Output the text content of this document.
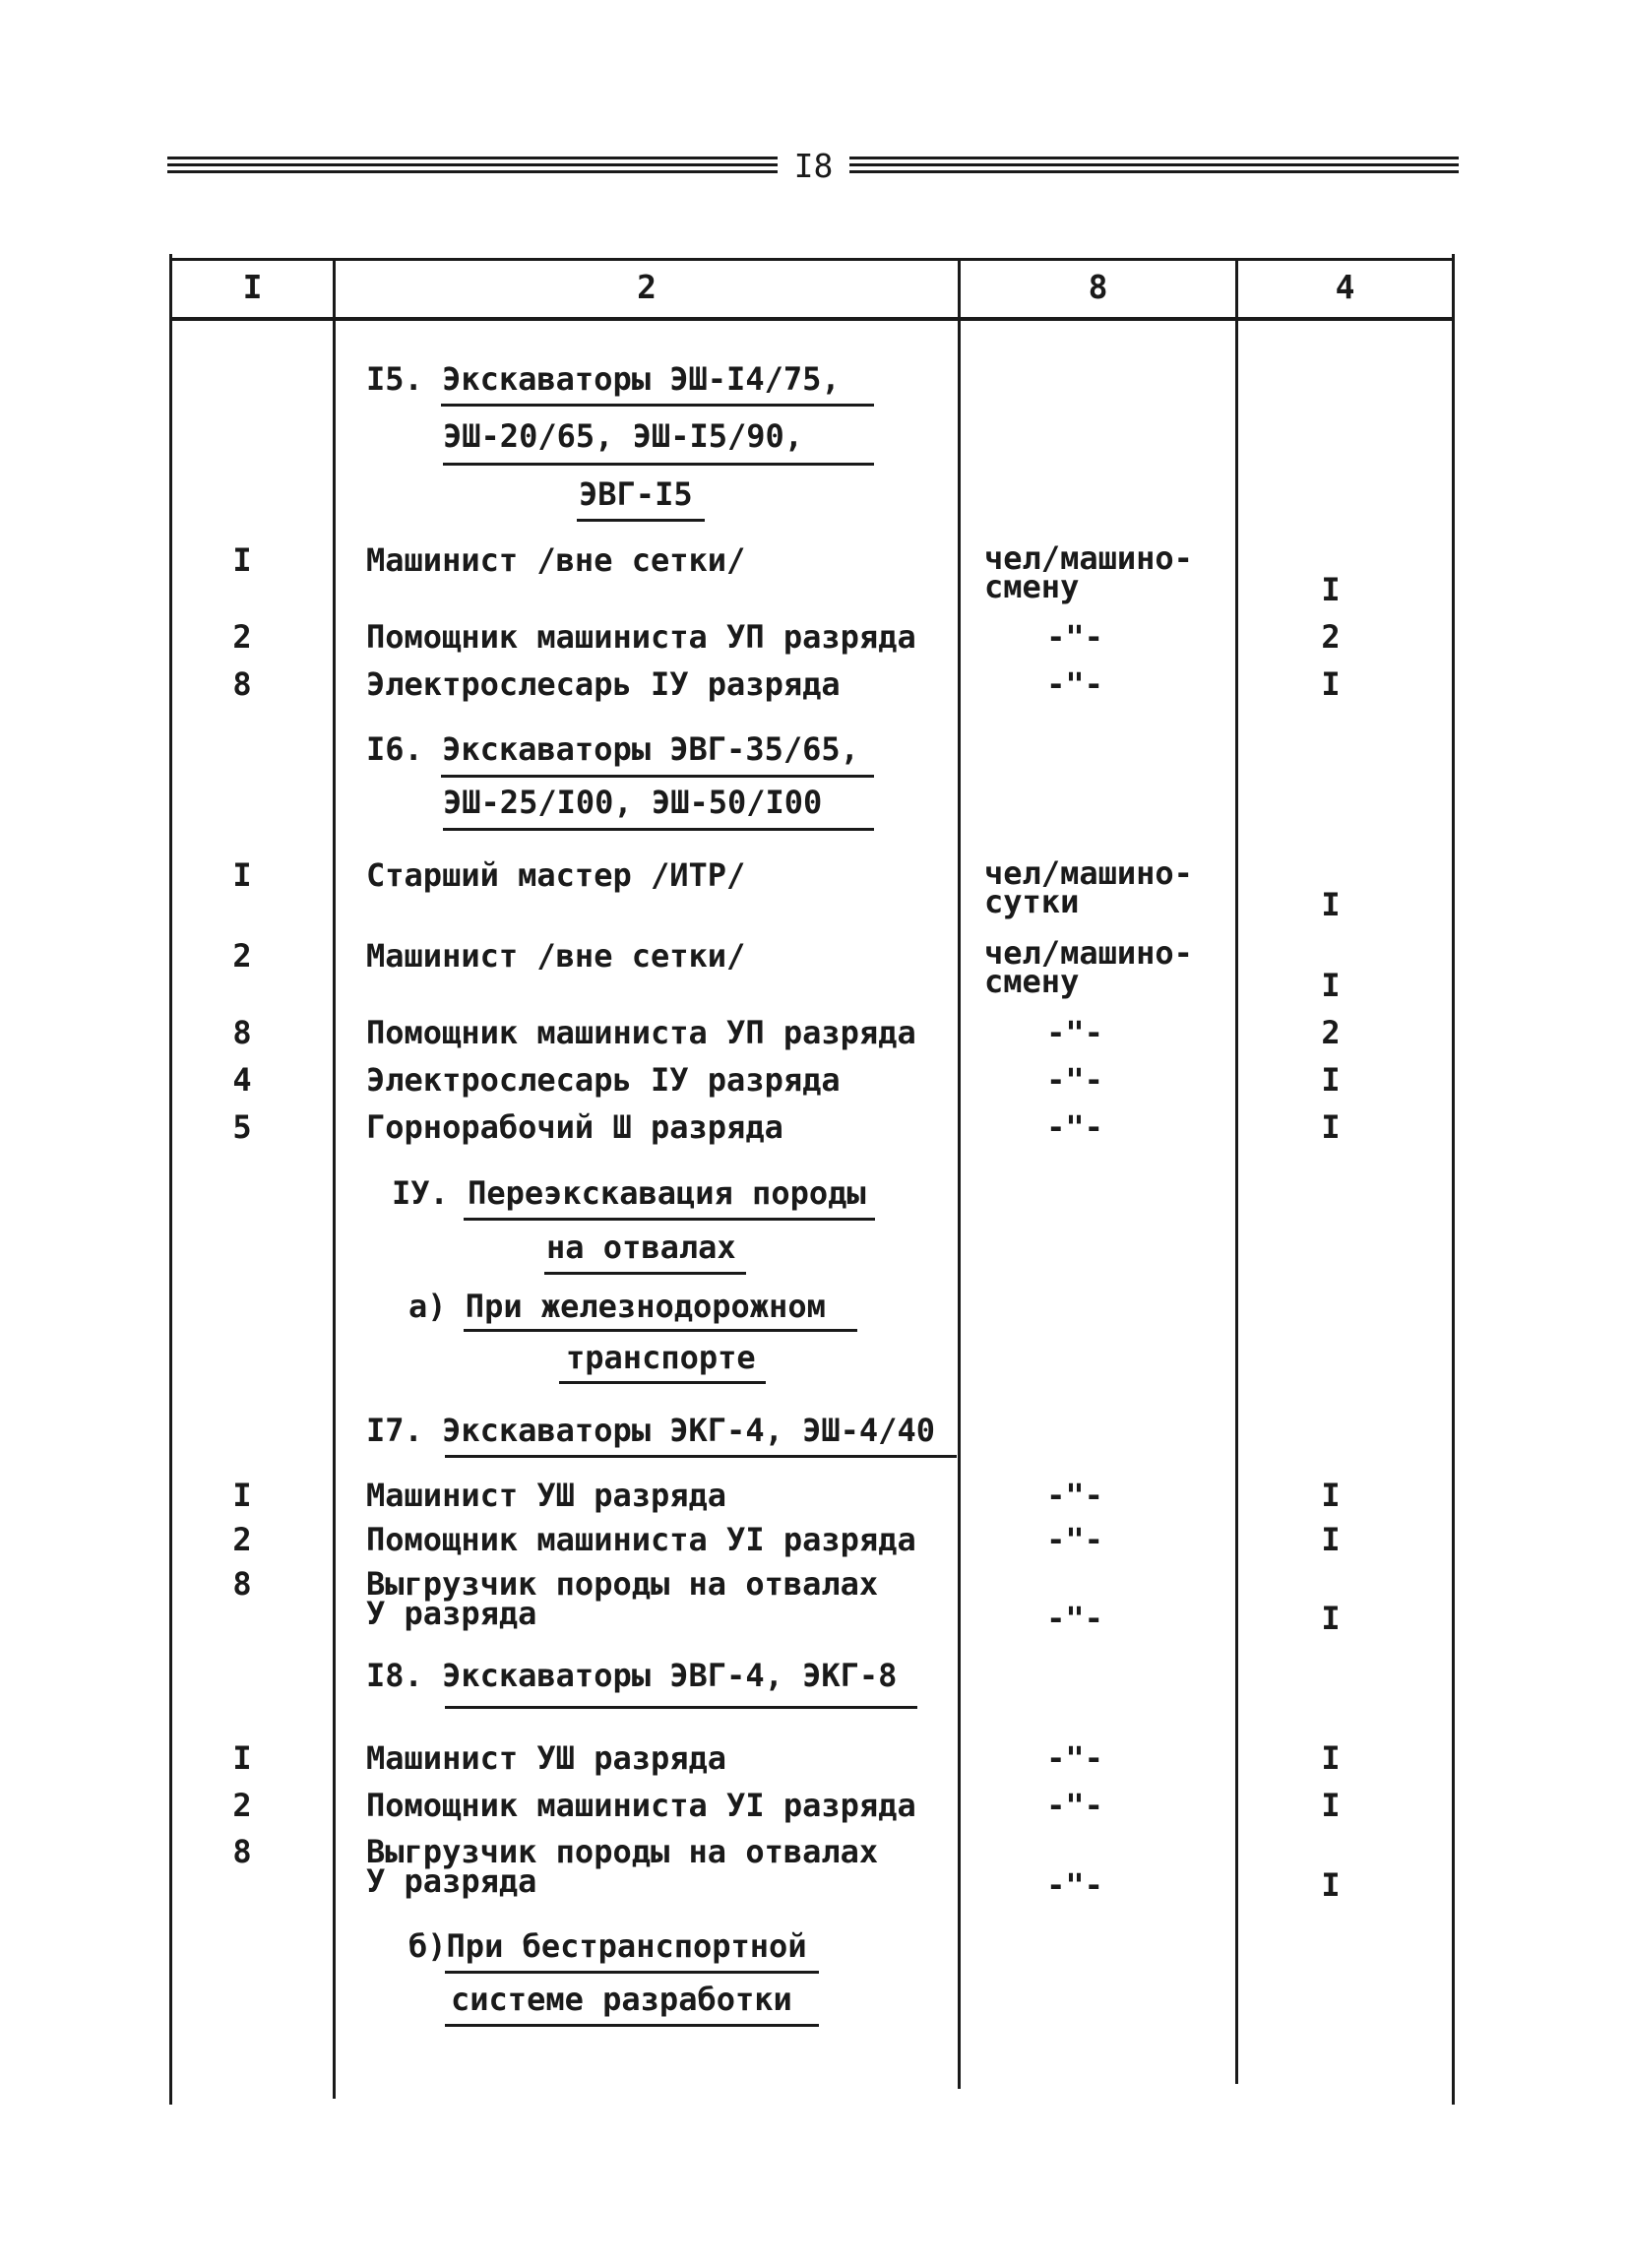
I8
I	2	8	4
I5. Экскаваторы ЭШ-I4/75,
ЭШ-20/65, ЭШ-I5/90,
ЭВГ-I5
I	Машинист /вне сетки/	чел/машино-
смену	I
2	Помощник машиниста УП разряда	-"-	2
8	Электрослесарь IУ разряда	-"-	I
I6. Экскаваторы ЭВГ-35/65,
ЭШ-25/I00, ЭШ-50/I00
I	Старший мастер /ИТР/	чел/машино-
сутки	I
2	Машинист /вне сетки/	чел/машино-
смену	I
8	Помощник машиниста УП разряда	-"-	2
4	Электрослесарь IУ разряда	-"-	I
5	Горнорабочий Ш разряда	-"-	I
IУ. Переэкскавация породы
на отвалах
а) При железнодорожном
транспорте
I7. Экскаваторы ЭКГ-4, ЭШ-4/40
I	Машинист УШ разряда	-"-	I
2	Помощник машиниста УI разряда	-"-	I
8	Выгрузчик породы на отвалах
У разряда	-"-	I
I8. Экскаваторы ЭВГ-4, ЭКГ-8
I	Машинист УШ разряда	-"-	I
2	Помощник машиниста УI разряда	-"-	I
8	Выгрузчик породы на отвалах
У разряда	-"-	I
б)При бестранспортной
системе разработки
